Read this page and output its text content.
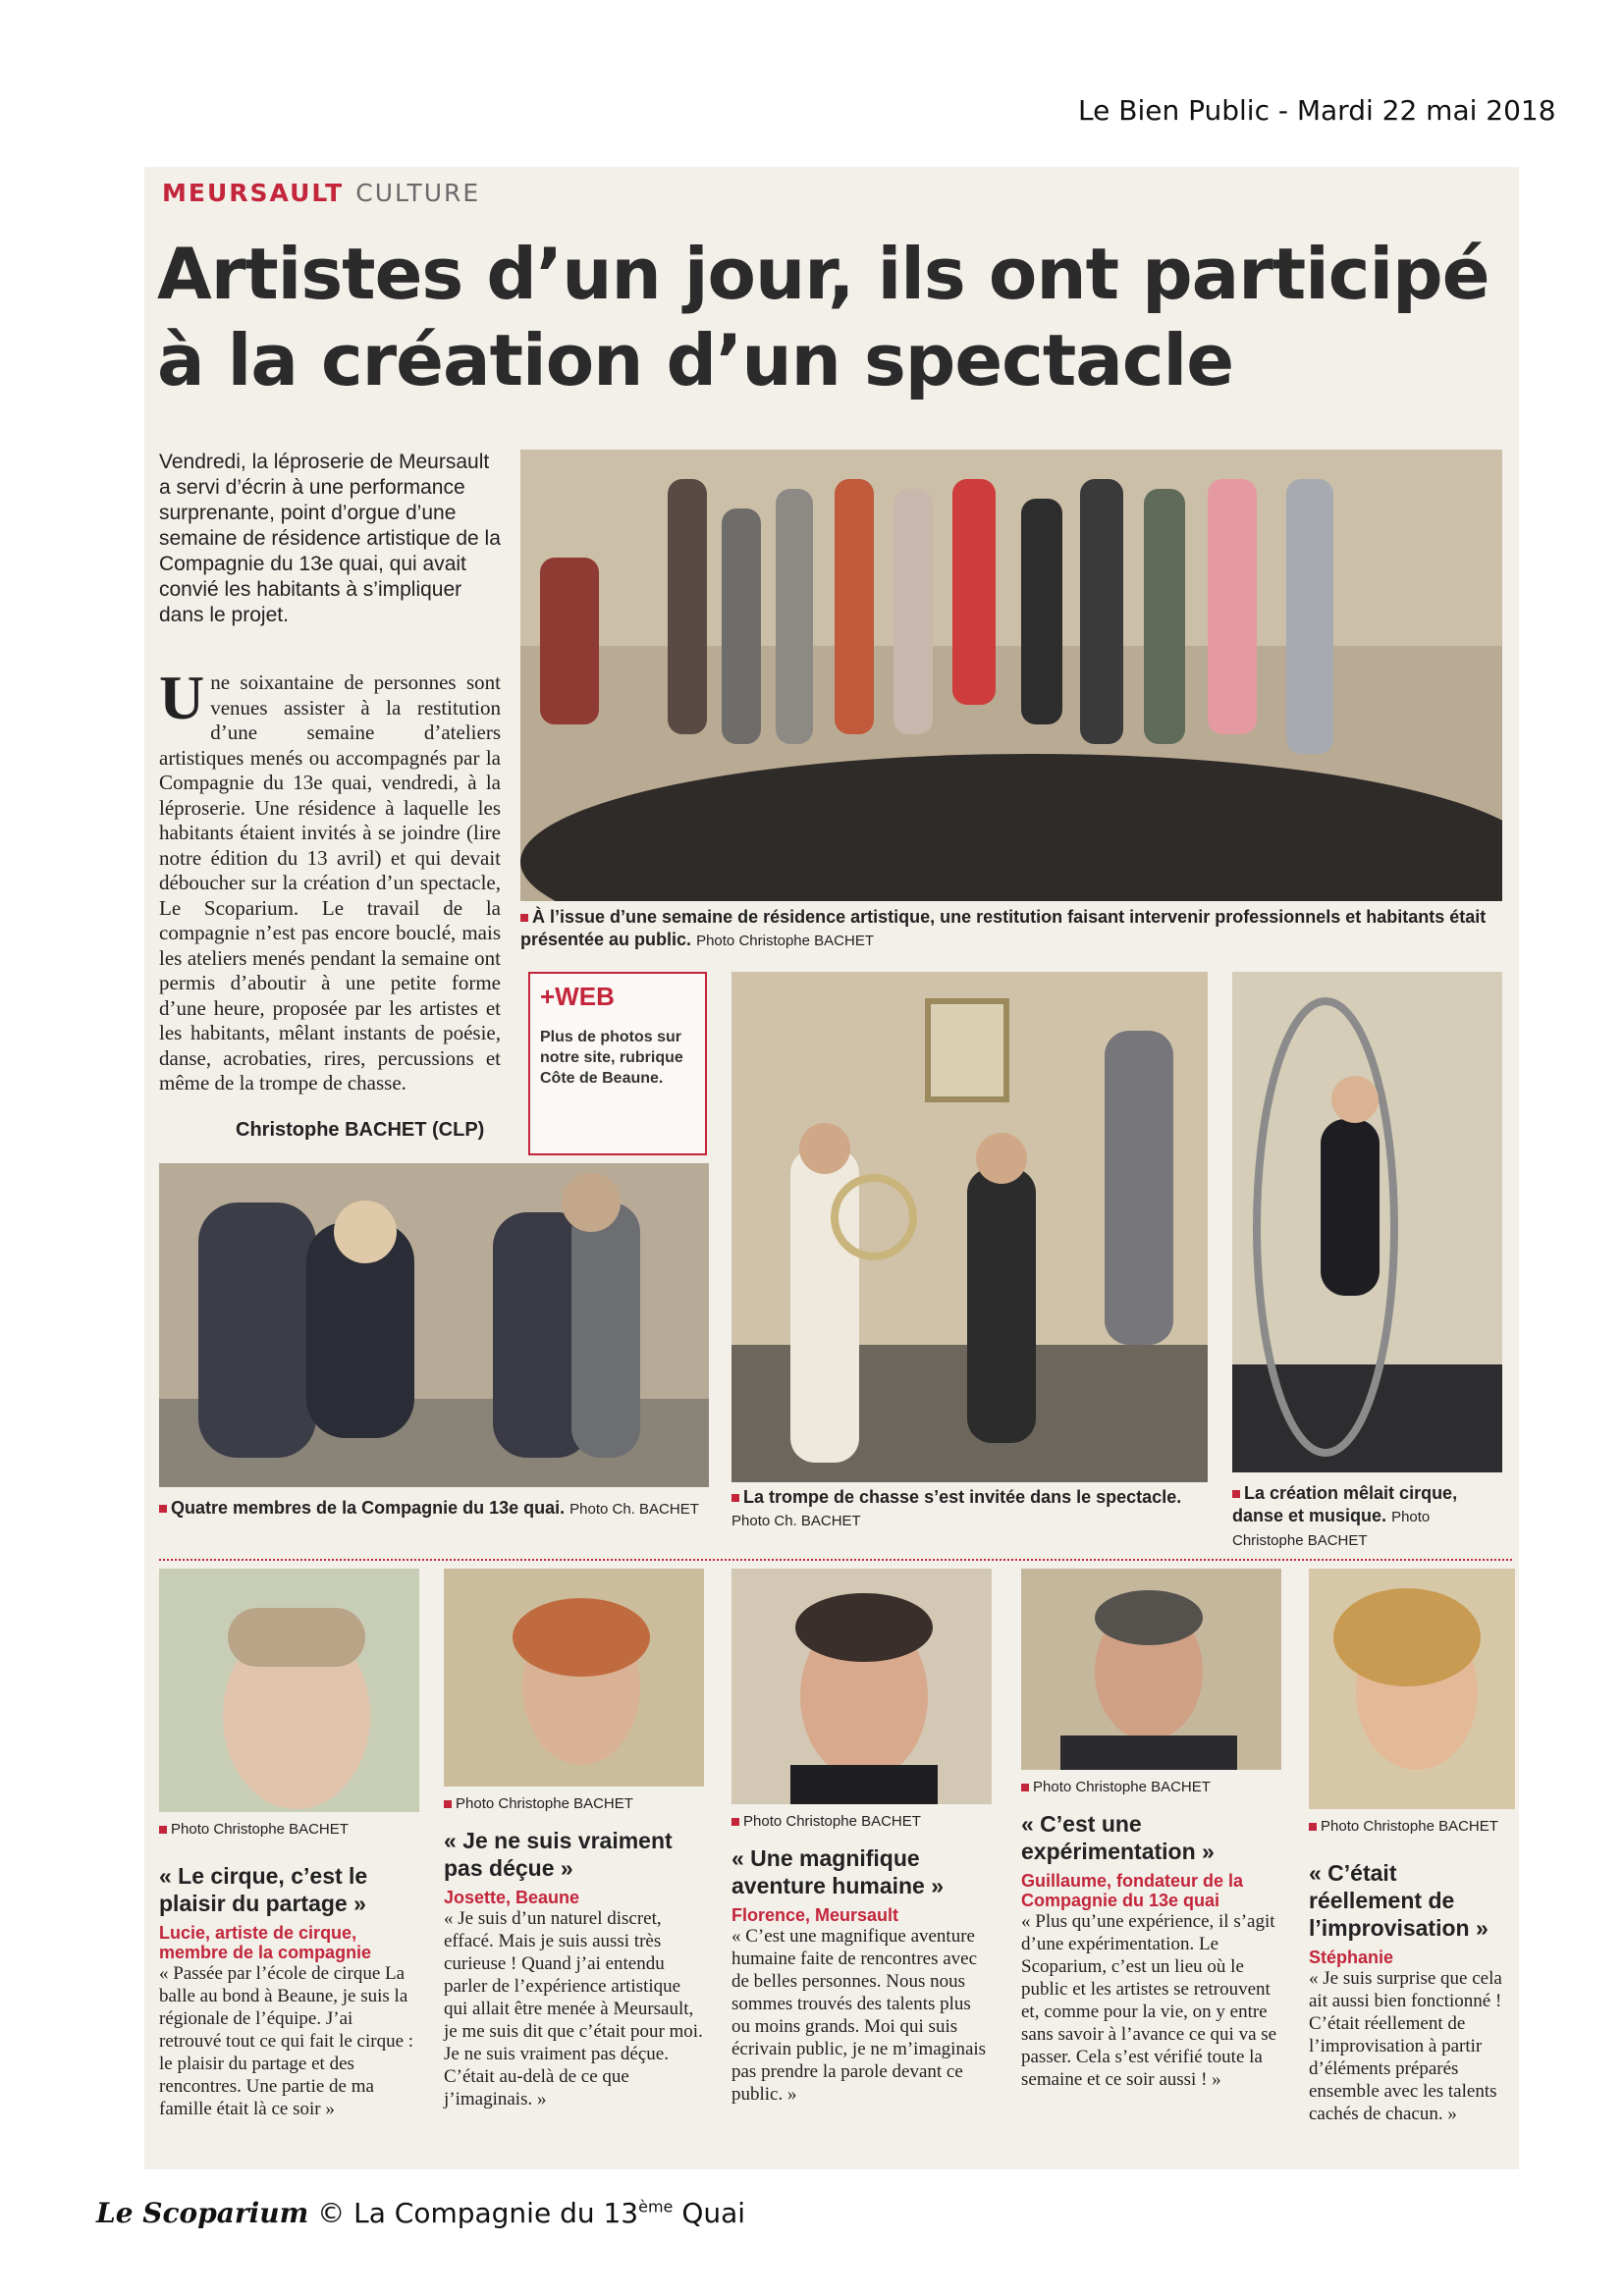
Le Bien Public - Mardi 22 mai 2018
MEURSAULT CULTURE
Artistes d’un jour, ils ont participé
à la création d’un spectacle
Vendredi, la léproserie de Meursault a servi d’écrin à une performance surprenante, point d’orgue d’une semaine de résidence artistique de la Compagnie du 13e quai, qui avait convié les habitants à s’impliquer dans le projet.
Une soixantaine de personnes sont venues assister à la restitution d’une semaine d’ateliers artistiques menés ou accompagnés par la Compagnie du 13e quai, vendredi, à la léproserie. Une résidence à laquelle les habitants étaient invités à se joindre (lire notre édition du 13 avril) et qui devait déboucher sur la création d’un spectacle, Le Scoparium. Le travail de la compagnie n’est pas encore bouclé, mais les ateliers menés pendant la semaine ont permis d’aboutir à une petite forme d’une heure, proposée par les artistes et les habitants, mêlant instants de poésie, danse, acrobaties, rires, percussions et même de la trompe de chasse.
Christophe BACHET (CLP)
À l’issue d’une semaine de résidence artistique, une restitution faisant intervenir professionnels et habitants était présentée au public. Photo Christophe BACHET
+WEB
Plus de photos sur notre site, rubrique Côte de Beaune.
Quatre membres de la Compagnie du 13e quai. Photo Ch. BACHET
La trompe de chasse s’est invitée dans le spectacle. Photo Ch. BACHET
La création mêlait cirque, danse et musique. Photo Christophe BACHET
Photo Christophe BACHET
« Le cirque, c’est le plaisir du partage »
Lucie, artiste de cirque, membre de la compagnie
« Passée par l’école de cirque La balle au bond à Beaune, je suis la régionale de l’équipe. J’ai retrouvé tout ce qui fait le cirque : le plaisir du partage et des rencontres. Une partie de ma famille était là ce soir »
Photo Christophe BACHET
« Je ne suis vraiment pas déçue »
Josette, Beaune
« Je suis d’un naturel discret, effacé. Mais je suis aussi très curieuse ! Quand j’ai entendu parler de l’expérience artistique qui allait être menée à Meursault, je me suis dit que c’était pour moi. Je ne suis vraiment pas déçue. C’était au-delà de ce que j’imaginais. »
Photo Christophe BACHET
« Une magnifique aventure humaine »
Florence, Meursault
« C’est une magnifique aventure humaine faite de rencontres avec de belles personnes. Nous nous sommes trouvés des talents plus ou moins grands. Moi qui suis écrivain public, je ne m’imaginais pas prendre la parole devant ce public. »
Photo Christophe BACHET
« C’est une expérimentation »
Guillaume, fondateur de la Compagnie du 13e quai
« Plus qu’une expérience, il s’agit d’une expérimentation. Le Scoparium, c’est un lieu où le public et les artistes se retrouvent et, comme pour la vie, on y entre sans savoir à l’avance ce qui va se passer. Cela s’est vérifié toute la semaine et ce soir aussi ! »
Photo Christophe BACHET
« C’était réellement de l’improvisation »
Stéphanie
« Je suis surprise que cela ait aussi bien fonctionné ! C’était réellement de l’improvisation à partir d’éléments préparés ensemble avec les talents cachés de chacun. »
Le Scoparium © La Compagnie du 13ème Quai
